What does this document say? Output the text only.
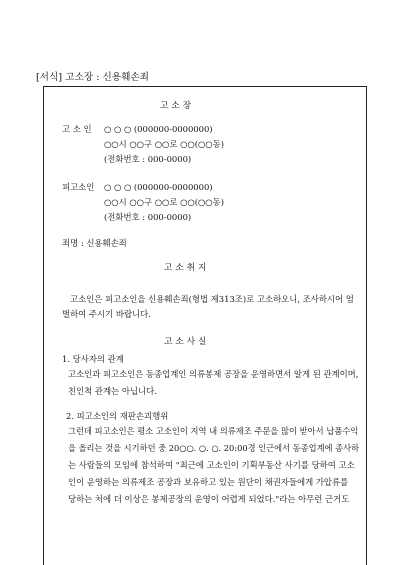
[서식] 고소장 : 신용훼손죄
고 소 장
고 소 인 ○ ○ ○ (000000-0000000)
○○시 ○○구 ○○로 ○○(○○동)
(전화번호 : 000-0000)
피고소인 ○ ○ ○ (000000-0000000)
○○시 ○○구 ○○로 ○○(○○동)
(전화번호 : 000-0000)
죄명 : 신용훼손죄
고 소 취 지
고소인은 피고소인을 신용훼손죄(형법 제313조)로 고소하오니, 조사하시어 엄
벌하여 주시기 바랍니다.
고 소 사 실
1. 당사자의 관계
고소인과 피고소인은 동종업계인 의류봉제 공장을 운영하면서 알게 된 관계이며,
친인척 관계는 아닙니다.
2. 피고소인의 재판손괴행위
그런데 피고소인은 평소 고소인이 지역 내 의류제조 주문을 많이 받아서 납품수익
을 올리는 것을 시기하던 중 20○○. ○. ○. 20:00경 인근에서 동종업계에 종사하
는 사람들의 모임에 참석하여 "최근에 고소인이 기획부동산 사기를 당하여 고소
인이 운영하는 의류제조 공장과 보유하고 있는 원단이 채권자들에게 가압류를
당하는 처에 더 이상은 봉제공장의 운영이 어렵게 되었다."라는 아무런 근거도
